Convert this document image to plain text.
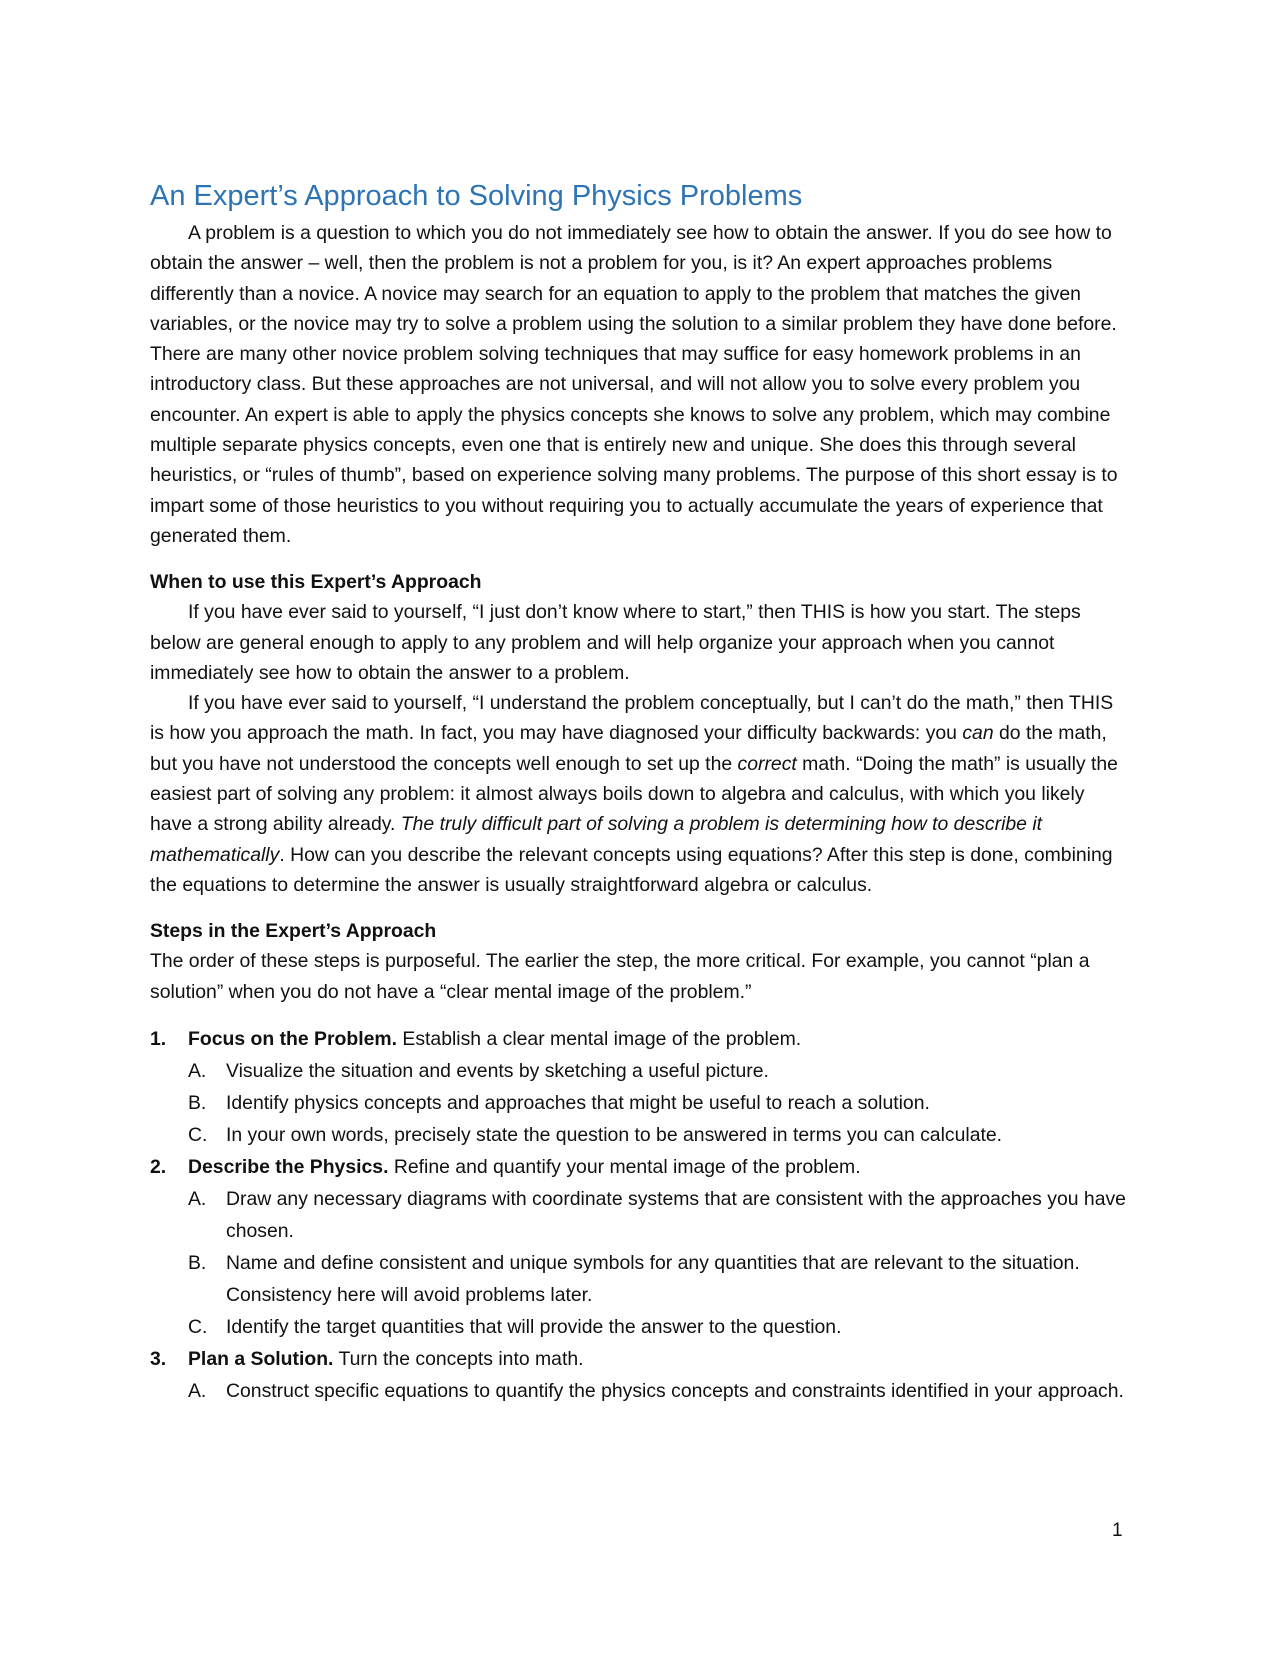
An Expert’s Approach to Solving Physics Problems

A problem is a question to which you do not immediately see how to obtain the answer. If you do see how to obtain the answer – well, then the problem is not a problem for you, is it? An expert approaches problems differently than a novice. A novice may search for an equation to apply to the problem that matches the given variables, or the novice may try to solve a problem using the solution to a similar problem they have done before. There are many other novice problem solving techniques that may suffice for easy homework problems in an introductory class. But these approaches are not universal, and will not allow you to solve every problem you encounter. An expert is able to apply the physics concepts she knows to solve any problem, which may combine multiple separate physics concepts, even one that is entirely new and unique. She does this through several heuristics, or “rules of thumb”, based on experience solving many problems. The purpose of this short essay is to impart some of those heuristics to you without requiring you to actually accumulate the years of experience that generated them.

When to use this Expert’s Approach

If you have ever said to yourself, “I just don’t know where to start,” then THIS is how you start. The steps below are general enough to apply to any problem and will help organize your approach when you cannot immediately see how to obtain the answer to a problem.

If you have ever said to yourself, “I understand the problem conceptually, but I can’t do the math,” then THIS is how you approach the math. In fact, you may have diagnosed your difficulty backwards: you can do the math, but you have not understood the concepts well enough to set up the correct math. “Doing the math” is usually the easiest part of solving any problem: it almost always boils down to algebra and calculus, with which you likely have a strong ability already. The truly difficult part of solving a problem is determining how to describe it mathematically. How can you describe the relevant concepts using equations? After this step is done, combining the equations to determine the answer is usually straightforward algebra or calculus.

Steps in the Expert’s Approach

The order of these steps is purposeful. The earlier the step, the more critical. For example, you cannot “plan a solution” when you do not have a “clear mental image of the problem.”

1. Focus on the Problem. Establish a clear mental image of the problem.
A. Visualize the situation and events by sketching a useful picture.
B. Identify physics concepts and approaches that might be useful to reach a solution.
C. In your own words, precisely state the question to be answered in terms you can calculate.
2. Describe the Physics. Refine and quantify your mental image of the problem.
A. Draw any necessary diagrams with coordinate systems that are consistent with the approaches you have chosen.
B. Name and define consistent and unique symbols for any quantities that are relevant to the situation. Consistency here will avoid problems later.
C. Identify the target quantities that will provide the answer to the question.
3. Plan a Solution. Turn the concepts into math.
A. Construct specific equations to quantify the physics concepts and constraints identified in your approach.
1
